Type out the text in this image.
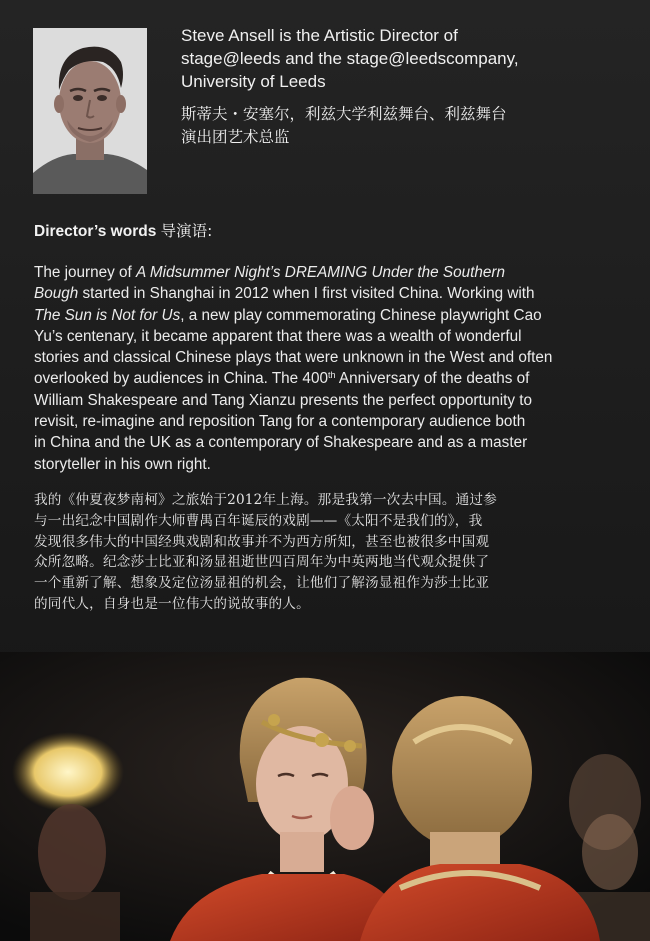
Steve Ansell is the Artistic Director of
stage@leeds and the stage@leedscompany,
University of Leeds

斯蒂夫・安塞尔，利兹大学利兹舞台、利兹舞台
演出团艺术总监

Director’s words 导演语:

The journey of A Midsummer Night’s DREAMING Under the Southern
Bough started in Shanghai in 2012 when I first visited China. Working with
The Sun is Not for Us, a new play commemorating Chinese playwright Cao
Yu’s centenary, it became apparent that there was a wealth of wonderful
stories and classical Chinese plays that were unknown in the West and often
overlooked by audiences in China. The 400th Anniversary of the deaths of
William Shakespeare and Tang Xianzu presents the perfect opportunity to
revisit, re-imagine and reposition Tang for a contemporary audience both
in China and the UK as a contemporary of Shakespeare and as a master
storyteller in his own right.

我的《仲夏夜梦南柯》之旅始于2012年上海。那是我第一次去中国。通过参
与一出纪念中国剧作大师曹禺百年诞辰的戏剧——《太阳不是我们的》，我
发现很多伟大的中国经典戏剧和故事并不为西方所知，甚至也被很多中国观
众所忽略。纪念莎士比亚和汤显祖逝世四百周年为中英两地当代观众提供了
一个重新了解、想象及定位汤显祖的机会，让他们了解汤显祖作为莎士比亚
的同代人，自身也是一位伟大的说故事的人。
